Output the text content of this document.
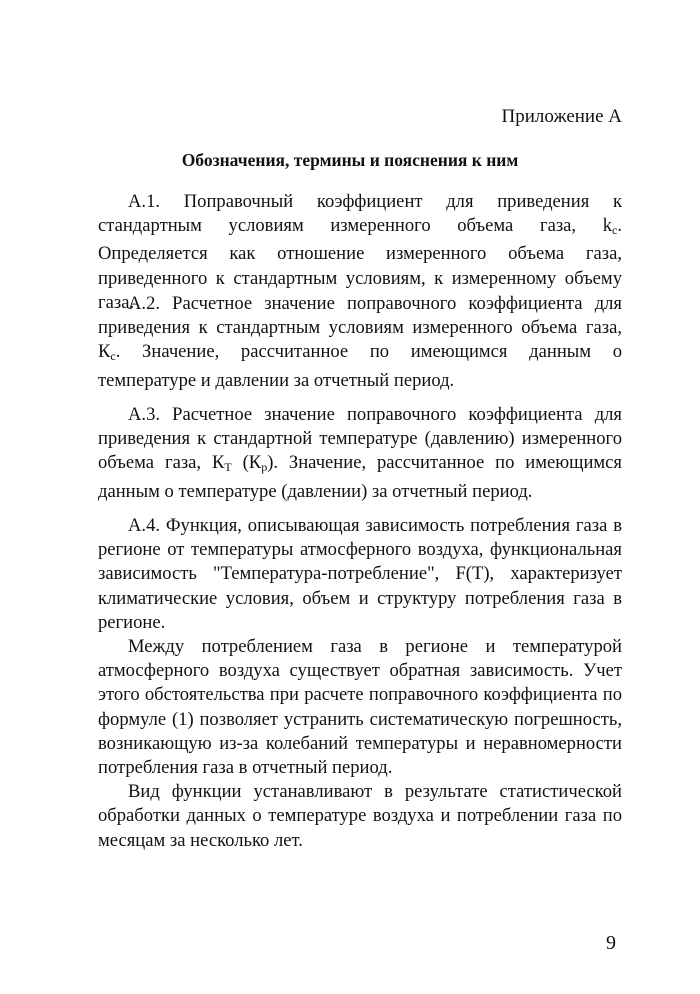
Приложение А
Обозначения, термины и пояснения к ним

А.1. Поправочный коэффициент для приведения к стандартным условиям измеренного объема газа, $k_с$. Определяется как отношение измеренного объема газа, приведенного к стандартным условиям, к измеренному объему газа.

А.2. Расчетное значение поправочного коэффициента для приведения к стандартным условиям измеренного объема газа, $К_с$. Значение, рассчитанное по имеющимся данным о температуре и давлении за отчетный период.

А.3. Расчетное значение поправочного коэффициента для приведения к стандартной температуре (давлению) измеренного объема газа, $К_Т$ $(К_р)$. Значение, рассчитанное по имеющимся данным о температуре (давлении) за отчетный период.

А.4. Функция, описывающая зависимость потребления газа в регионе от температуры атмосферного воздуха, функциональная зависимость "Температура-потребление", F(T), характеризует климатические условия, объем и структуру потребления газа в регионе.

Между потреблением газа в регионе и температурой атмосферного воздуха существует обратная зависимость. Учет этого обстоятельства при расчете поправочного коэффициента по формуле (1) позволяет устранить систематическую погрешность, возникающую из-за колебаний температуры и неравномерности потребления газа в отчетный период.

Вид функции устанавливают в результате статистической обработки данных о температуре воздуха и потреблении газа по месяцам за несколько лет.

9
